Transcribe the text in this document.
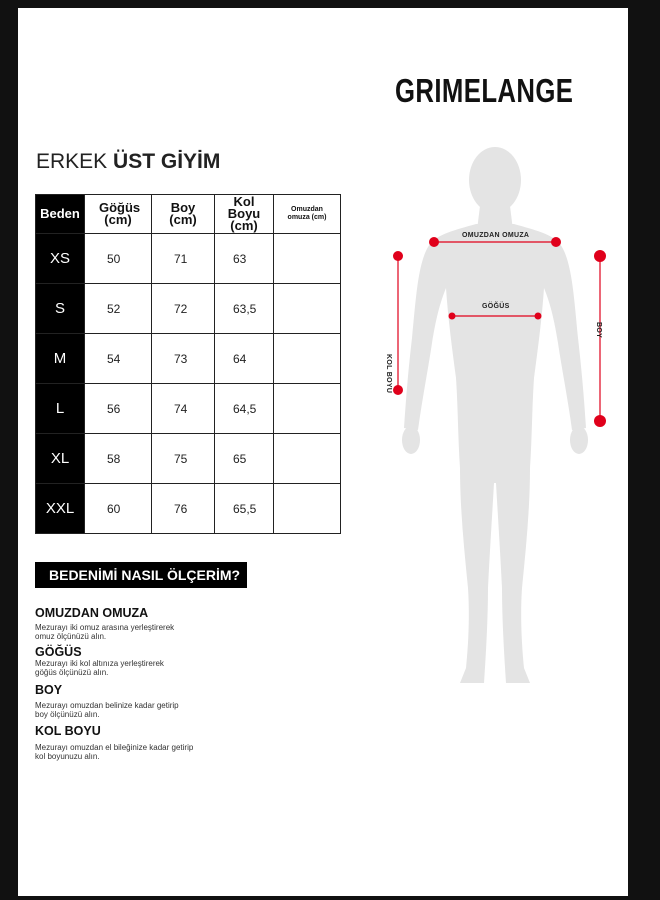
GRIMELANGE
ERKEK ÜST GİYİM
Beden	Göğüs (cm)	Boy (cm)	Kol Boyu (cm)	Omuzdan omuza (cm)

XS	50	71	63	
S	52	72	63,5	
M	54	73	64	
L	56	74	64,5	
XL	58	75	65	
XXL	60	76	65,5	
BEDENİMİ NASIL ÖLÇERİM?
OMUZDAN OMUZA
Mezurayı iki omuz arasına yerleştirerek
omuz ölçünüzü alın.
GÖĞÜS
Mezurayı iki kol altınıza yerleştirerek
göğüs ölçünüzü alın.
BOY
Mezurayı omuzdan belinize kadar getirip
boy ölçünüzü alın.
KOL BOYU
Mezurayı omuzdan el bileğinize kadar getirip
kol boyunuzu alın.
OMUZDAN OMUZA
GÖĞÜS
KOL BOYU
BOY
